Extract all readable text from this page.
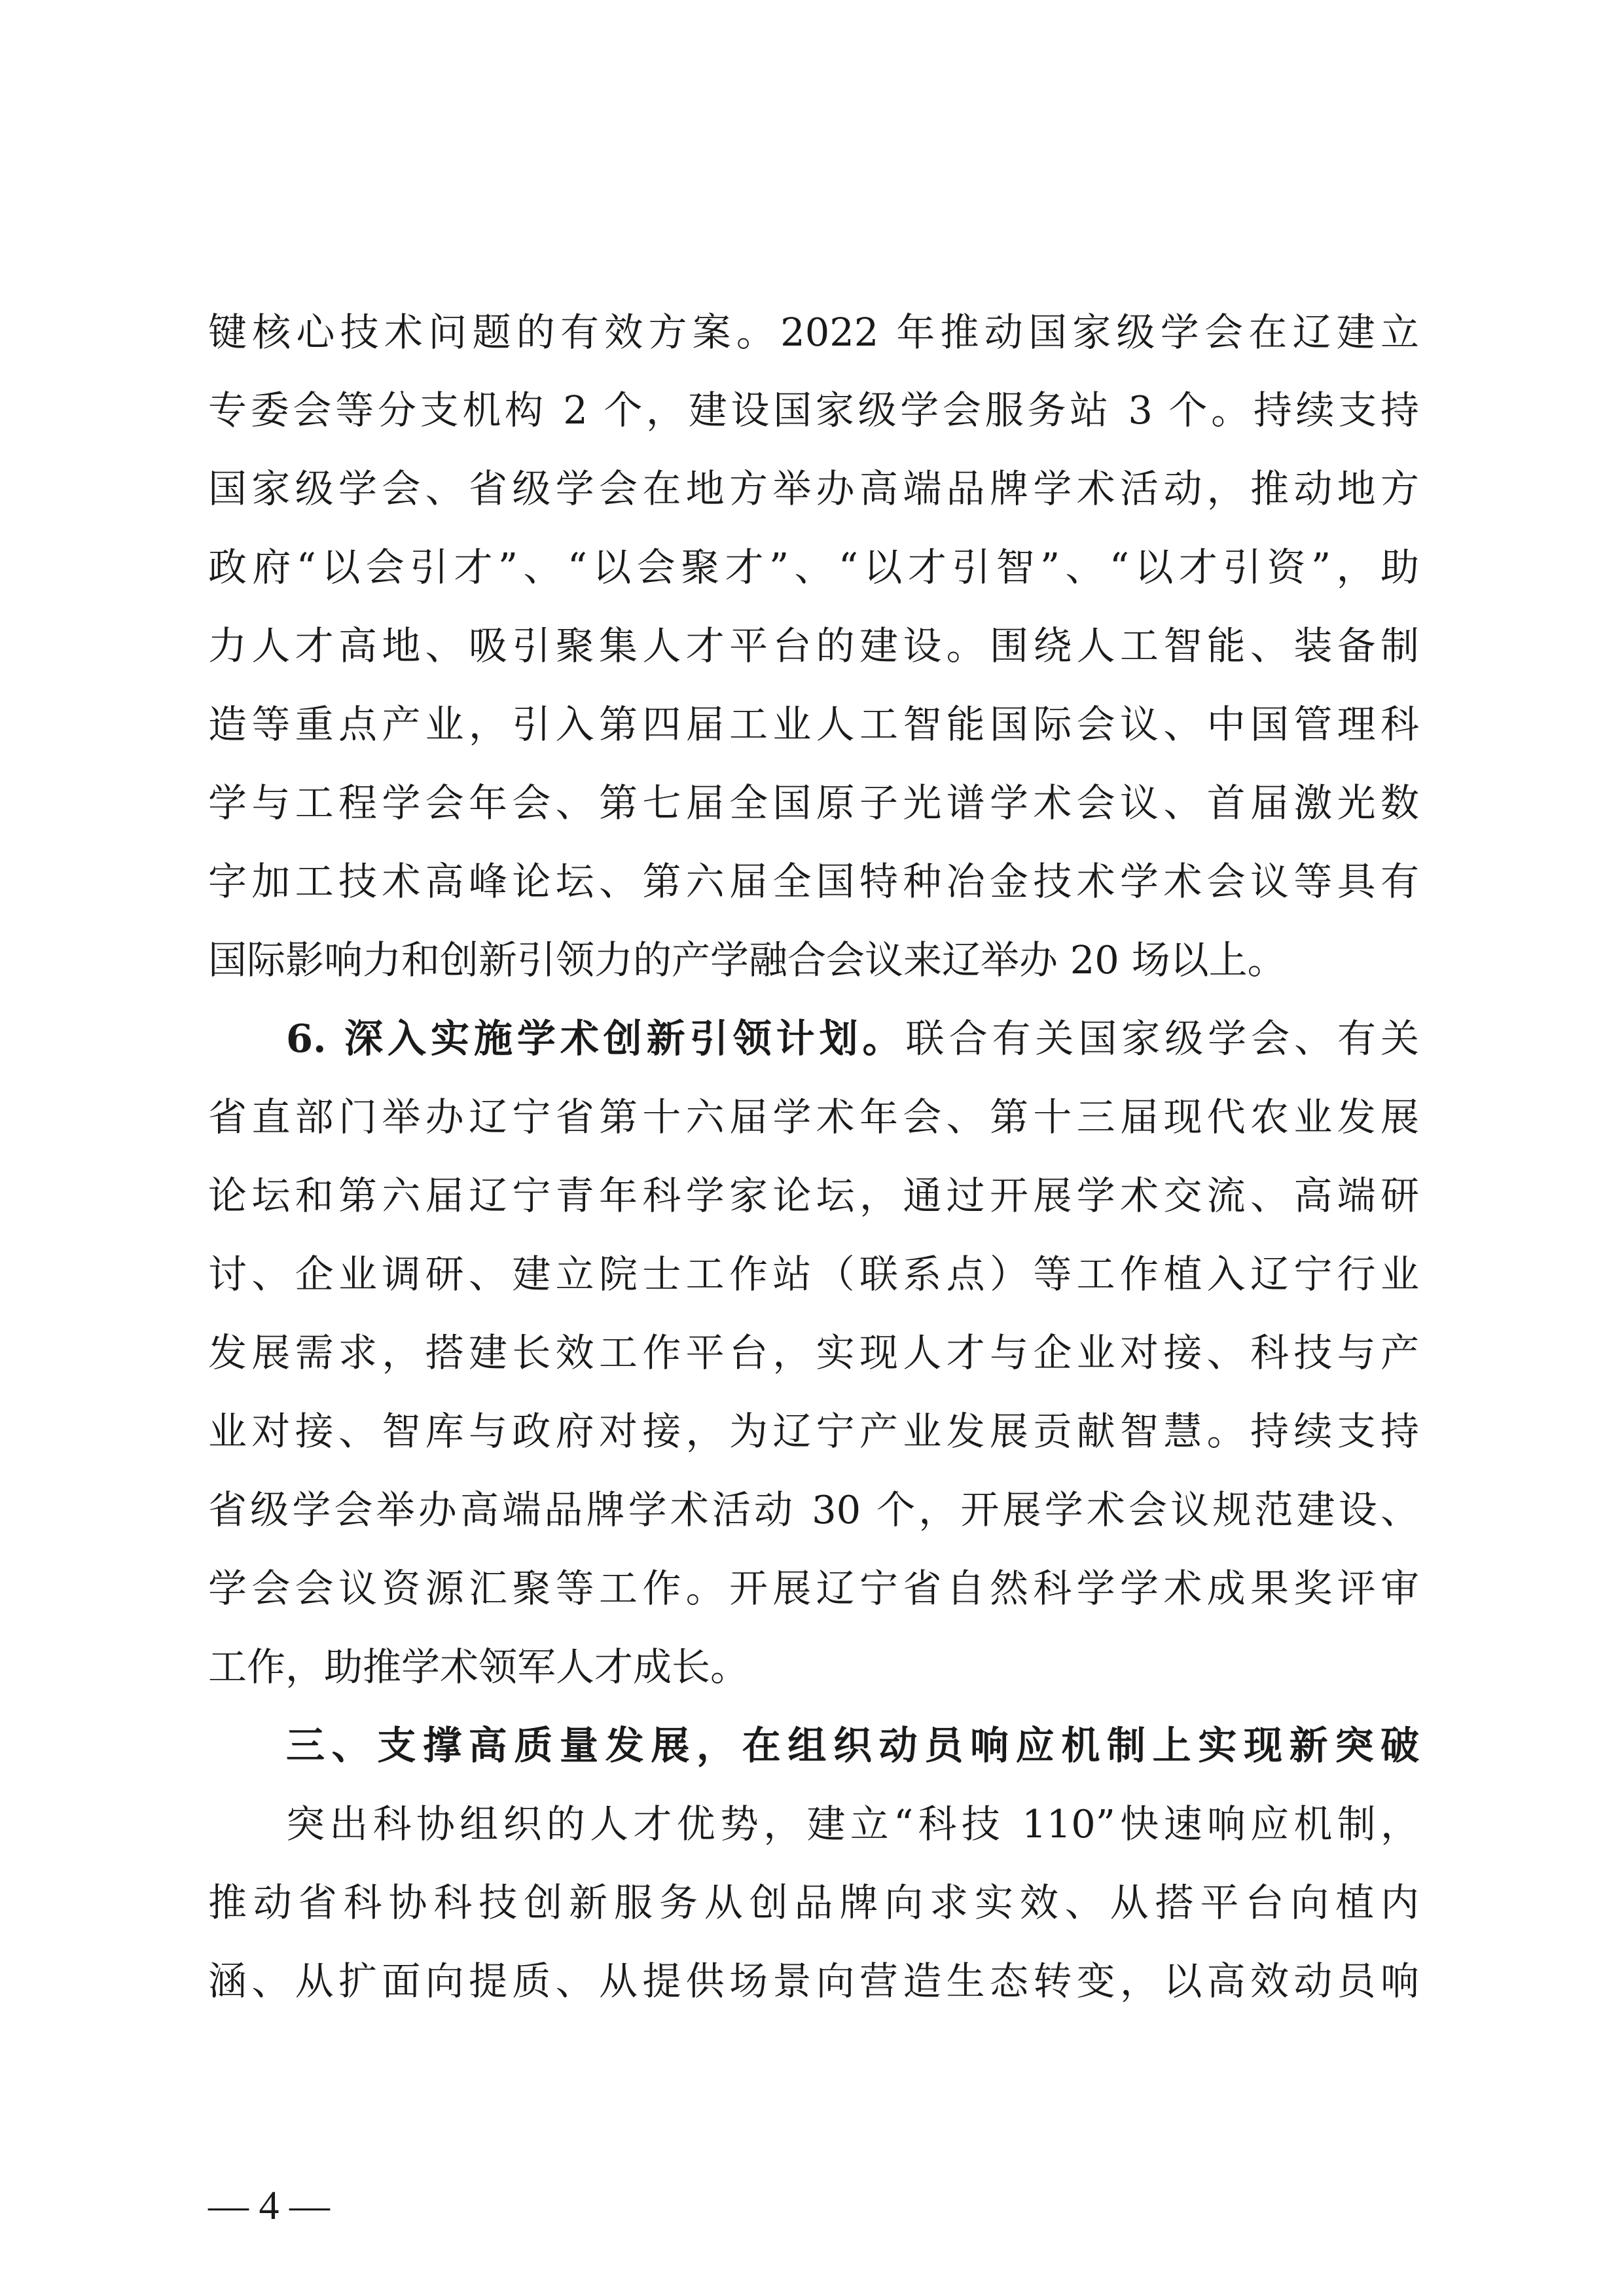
键核心技术问题的有效方案。2022 年推动国家级学会在辽建立
专委会等分支机构 2 个，建设国家级学会服务站 3 个。持续支持
国家级学会、省级学会在地方举办高端品牌学术活动，推动地方
政府“以会引才”、“以会聚才”、“以才引智”、“以才引资”，助
力人才高地、吸引聚集人才平台的建设。围绕人工智能、装备制
造等重点产业，引入第四届工业人工智能国际会议、中国管理科
学与工程学会年会、第七届全国原子光谱学术会议、首届激光数
字加工技术高峰论坛、第六届全国特种冶金技术学术会议等具有
国际影响力和创新引领力的产学融合会议来辽举办 20 场以上。
6. 深入实施学术创新引领计划。联合有关国家级学会、有关
省直部门举办辽宁省第十六届学术年会、第十三届现代农业发展
论坛和第六届辽宁青年科学家论坛，通过开展学术交流、高端研
讨、企业调研、建立院士工作站（联系点）等工作植入辽宁行业
发展需求，搭建长效工作平台，实现人才与企业对接、科技与产
业对接、智库与政府对接，为辽宁产业发展贡献智慧。持续支持
省级学会举办高端品牌学术活动 30 个，开展学术会议规范建设、
学会会议资源汇聚等工作。开展辽宁省自然科学学术成果奖评审
工作，助推学术领军人才成长。
三、支撑高质量发展，在组织动员响应机制上实现新突破
突出科协组织的人才优势，建立“科技 110”快速响应机制，
推动省科协科技创新服务从创品牌向求实效、从搭平台向植内
涵、从扩面向提质、从提供场景向营造生态转变，以高效动员响
— 4 —
